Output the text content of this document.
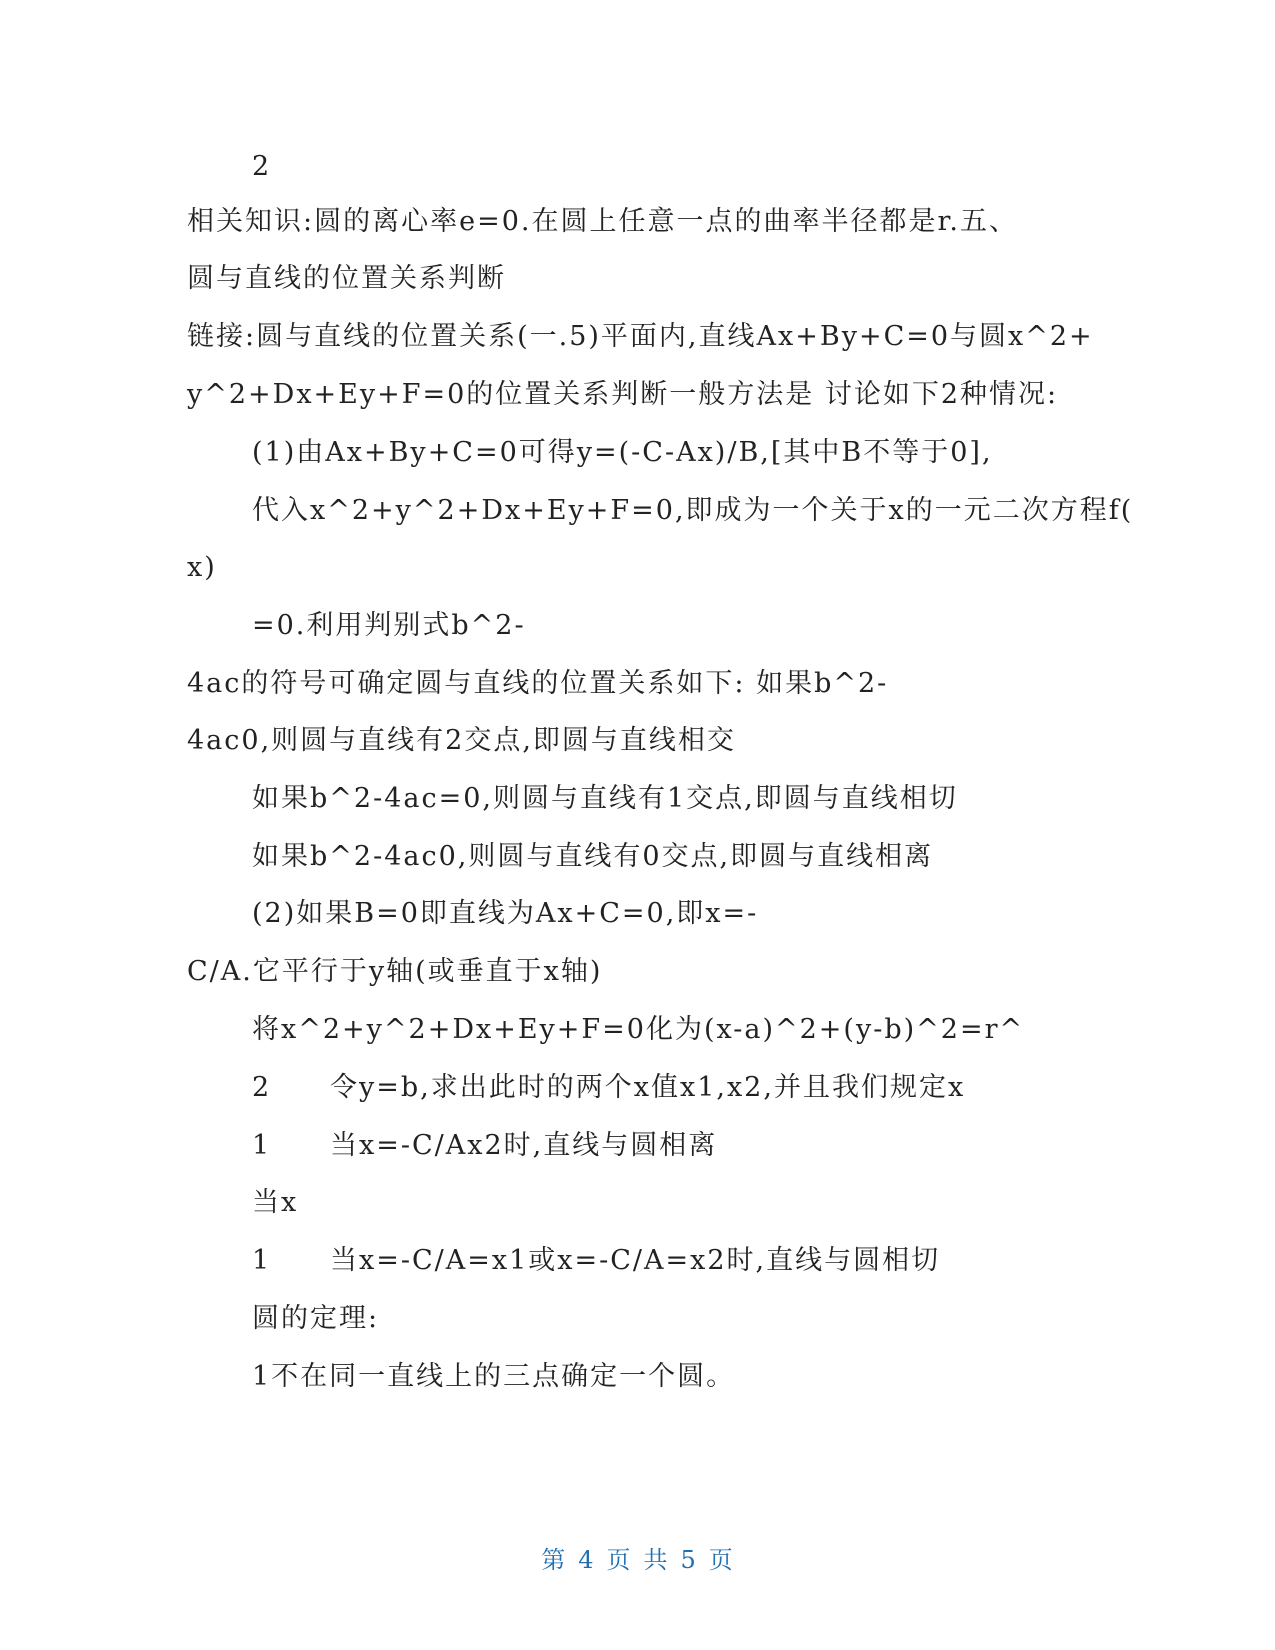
2
相关知识:圆的离心率e=0.在圆上任意一点的曲率半径都是r.五、
圆与直线的位置关系判断
链接:圆与直线的位置关系(一.5)平面内,直线Ax+By+C=0与圆x^2+
y^2+Dx+Ey+F=0的位置关系判断一般方法是 讨论如下2种情况:
(1)由Ax+By+C=0可得y=(-C-Ax)/B,[其中B不等于0],
代入x^2+y^2+Dx+Ey+F=0,即成为一个关于x的一元二次方程f(
x)
=0.利用判别式b^2-
4ac的符号可确定圆与直线的位置关系如下: 如果b^2-
4ac0,则圆与直线有2交点,即圆与直线相交
如果b^2-4ac=0,则圆与直线有1交点,即圆与直线相切
如果b^2-4ac0,则圆与直线有0交点,即圆与直线相离
(2)如果B=0即直线为Ax+C=0,即x=-
C/A.它平行于y轴(或垂直于x轴)
将x^2+y^2+Dx+Ey+F=0化为(x-a)^2+(y-b)^2=r^
2 令y=b,求出此时的两个x值x1,x2,并且我们规定x
1 当x=-C/Ax2时,直线与圆相离
当x
1 当x=-C/A=x1或x=-C/A=x2时,直线与圆相切
圆的定理:
1不在同一直线上的三点确定一个圆。
第 4 页 共 5 页
